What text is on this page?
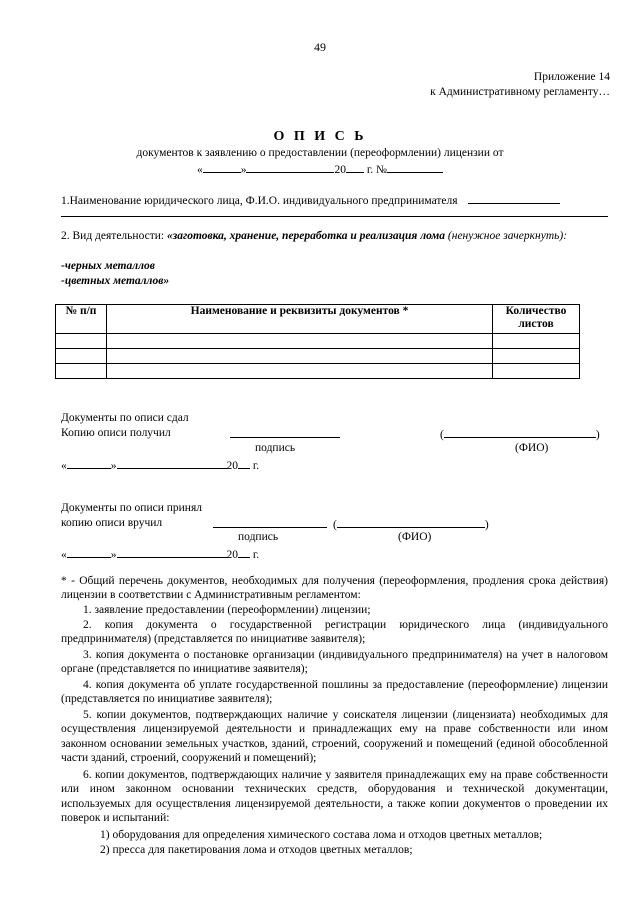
49
Приложение 14
к Административному регламенту…
О П И С Ь
документов к заявлению о предоставлении (переоформлении) лицензии от
«	»	20 г. №
1.Наименование юридического лица, Ф.И.О. индивидуального предпринимателя
2. Вид деятельности: «заготовка, хранение, переработка и реализация лома (ненужное зачеркнуть):
-черных металлов
-цветных металлов»
№ п/п	Наименование и реквизиты документов *	Количество листов

Документы по описи сдал
Копию описи получил	(	)
подпись	(ФИО)
«	»	20 г.
Документы по описи принял
копию описи вручил	(	)
подпись	(ФИО)
«	»	20 г.
* - Общий перечень документов, необходимых для получения (переоформления, продления срока действия) лицензии в соответствии с Административным регламентом:
1. заявление предоставлении (переоформлении) лицензии;
2. копия документа о государственной регистрации юридического лица (индивидуального предпринимателя) (представляется по инициативе заявителя);
3. копия документа о постановке организации (индивидуального предпринимателя) на учет в налоговом органе (представляется по инициативе заявителя);
4. копия документа об уплате государственной пошлины за предоставление (переоформление) лицензии (представляется по инициативе заявителя);
5. копии документов, подтверждающих наличие у соискателя лицензии (лицензиата) необходимых для осуществления лицензируемой деятельности и принадлежащих ему на праве собственности или ином законном основании земельных участков, зданий, строений, сооружений и помещений (единой обособленной части зданий, строений, сооружений и помещений);
6. копии документов, подтверждающих наличие у заявителя принадлежащих ему на праве собственности или ином законном основании технических средств, оборудования и технической документации, используемых для осуществления лицензируемой деятельности, а также копии документов о проведении их поверок и испытаний:
1) оборудования для определения химического состава лома и отходов цветных металлов;
2) пресса для пакетирования лома и отходов цветных металлов;
